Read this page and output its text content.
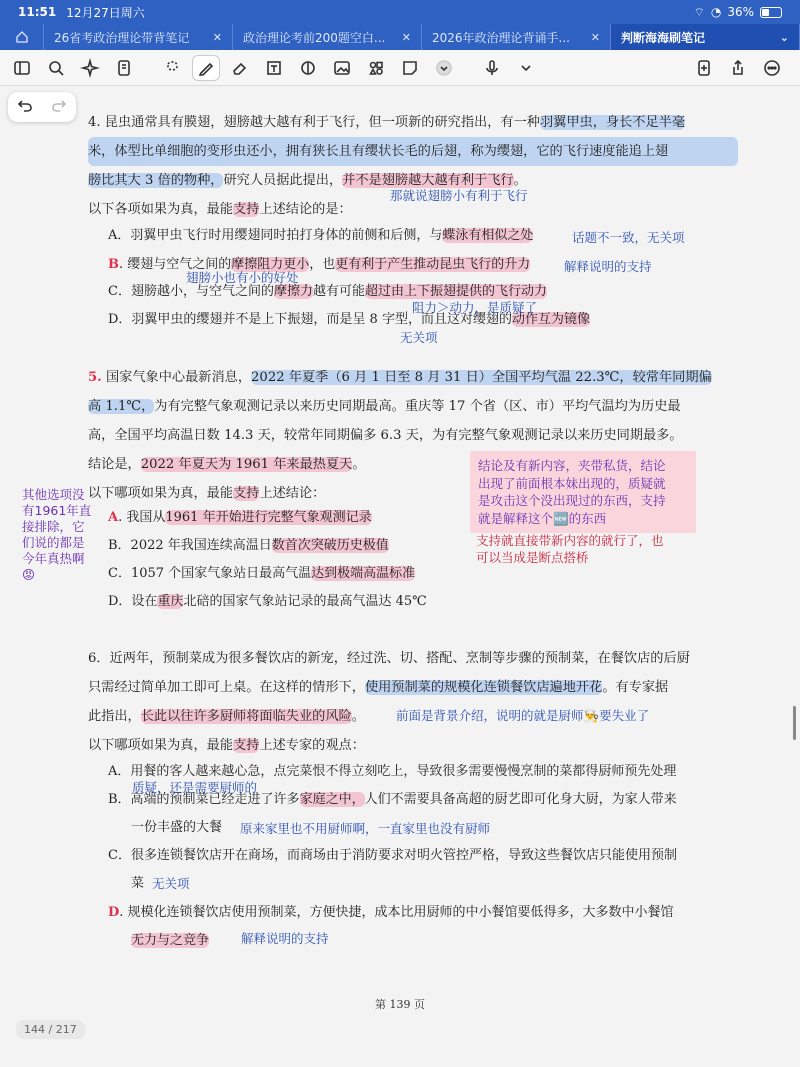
11:51 12月27日周六	⌔ ◔ 36%
26省考政治理论带背笔记	✕ 政治理论考前200题空白...	✕ 2026年政治理论背诵手...	✕ 判断海海刷笔记	⌄

4. 昆虫通常具有膜翅，翅膀越大越有利于飞行，但一项新的研究指出，有一种羽翼甲虫，身长不足半毫

米，体型比单细胞的变形虫还小，拥有狭长且有缨状长毛的后翅，称为缨翅，它的飞行速度能追上翅

膀比其大 3 倍的物种，研究人员据此提出，并不是翅膀越大越有利于飞行。

以下各项如果为真，最能支持上述结论的是：

A．羽翼甲虫飞行时用缨翅同时拍打身体的前侧和后侧，与蝶泳有相似之处
B. 缨翅与空气之间的摩擦阻力更小，也更有利于产生推动昆虫飞行的升力
C．翅膀越小，与空气之间的摩擦力越有可能超过由上下振翅提供的飞行动力
D．羽翼甲虫的缨翅并不是上下振翅，而是呈 8 字型，而且这对缨翅的动作互为镜像
那就说翅膀小有利于飞行
话题不一致，无关项
解释说明的支持
翅膀小也有小的好处
阻力＞动力，是质疑了
无关项

5. 国家气象中心最新消息，2022 年夏季（6 月 1 日至 8 月 31 日）全国平均气温 22.3℃，较常年同期偏

高 1.1℃，为有完整气象观测记录以来历史同期最高。重庆等 17 个省（区、市）平均气温均为历史最

高，全国平均高温日数 14.3 天，较常年同期偏多 6.3 天，为有完整气象观测记录以来历史同期最多。

结论是，2022 年夏天为 1961 年来最热夏天。

以下哪项如果为真，最能支持上述结论：

A. 我国从1961 年开始进行完整气象观测记录
B．2022 年我国连续高温日数首次突破历史极值
C．1057 个国家气象站日最高气温达到极端高温标准
D．设在重庆北碚的国家气象站记录的最高气温达 45℃
结论及有新内容，夹带私货，结论
出现了前面根本妹出现的，质疑就
是攻击这个没出现过的东西，支持
就是解释这个🆕的东西
支持就直接带新内容的就行了，也
可以当成是断点搭桥
其他选项没
有1961年直
接排除，它
们说的都是
今年真热啊
😡

6．近两年，预制菜成为很多餐饮店的新宠，经过洗、切、搭配、烹制等步骤的预制菜，在餐饮店的后厨

只需经过简单加工即可上桌。在这样的情形下，使用预制菜的规模化连锁餐饮店遍地开花。有专家据

此指出，长此以往许多厨师将面临失业的风险。

以下哪项如果为真，最能支持上述专家的观点：

A．用餐的客人越来越心急，点完菜恨不得立刻吃上，导致很多需要慢慢烹制的菜都得厨师预先处理
B．高端的预制菜已经走进了许多家庭之中，人们不需要具备高超的厨艺即可化身大厨，为家人带来
一份丰盛的大餐
C．很多连锁餐饮店开在商场，而商场由于消防要求对明火管控严格，导致这些餐饮店只能使用预制
菜
D. 规模化连锁餐饮店使用预制菜，方便快捷，成本比用厨师的中小餐馆要低得多，大多数中小餐馆
无力与之竞争
前面是背景介绍，说明的就是厨师👨‍🍳要失业了
质疑，还是需要厨师的
原来家里也不用厨师啊，一直家里也没有厨师
无关项
解释说明的支持
第 139 页
144 / 217
